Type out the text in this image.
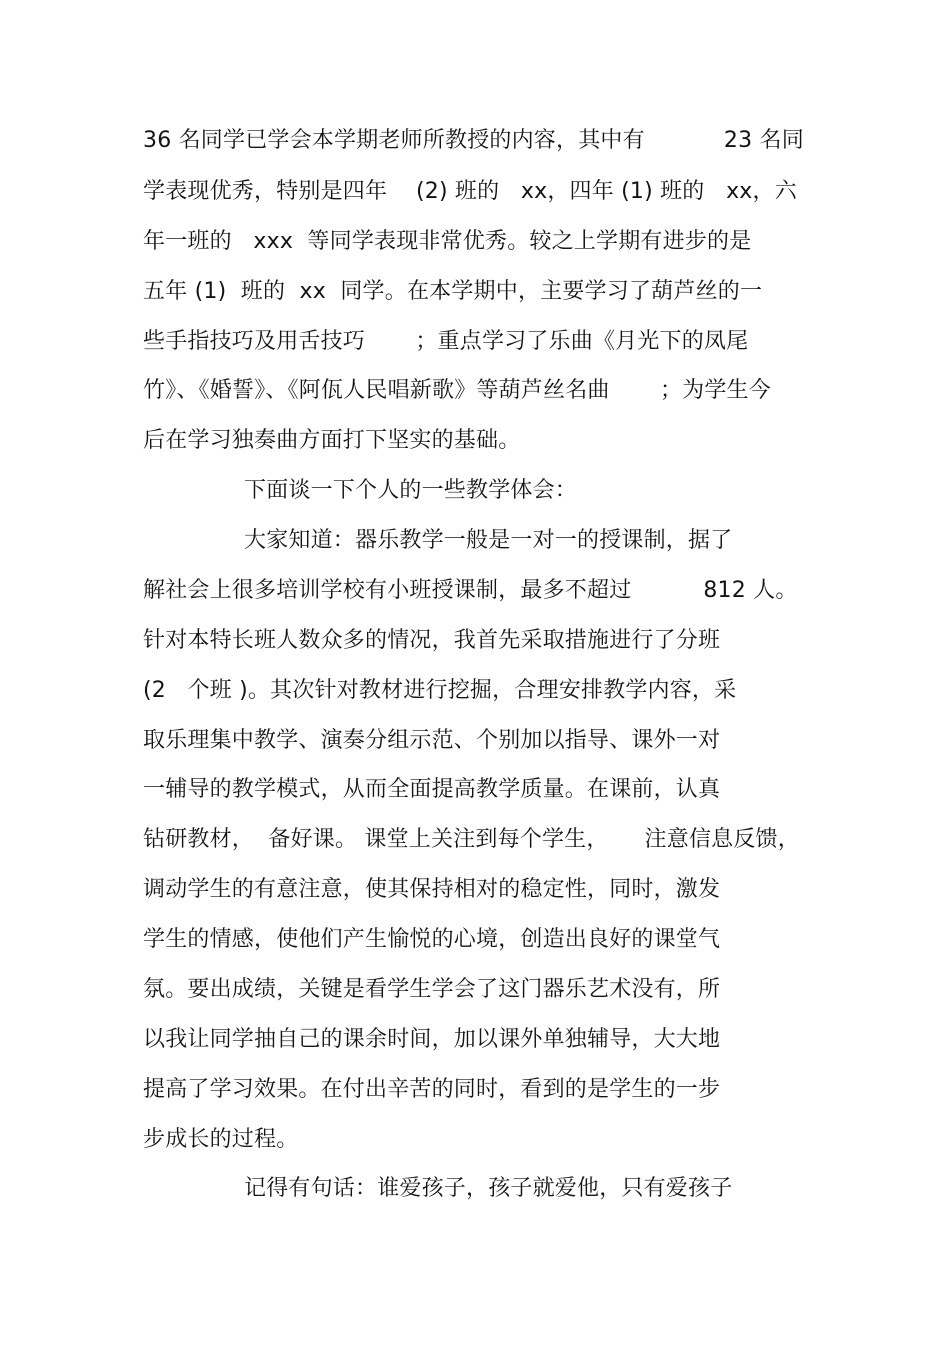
36 名同学已学会本学期老师所教授的内容，其中有           23 名同
学表现优秀，特别是四年    (2) 班的   xx，四年 (1) 班的   xx，六
年一班的   xxx  等同学表现非常优秀。较之上学期有进步的是
五年 (1)  班的  xx  同学。在本学期中，主要学习了葫芦丝的一
些手指技巧及用舌技巧       ；重点学习了乐曲《月光下的凤尾
竹》、《婚誓》、《阿佤人民唱新歌》等葫芦丝名曲       ；为学生今
后在学习独奏曲方面打下坚实的基础。
下面谈一下个人的一些教学体会：
大家知道：器乐教学一般是一对一的授课制，据了
解社会上很多培训学校有小班授课制，最多不超过          812 人。
针对本特长班人数众多的情况，我首先采取措施进行了分班
(2   个班 )。其次针对教材进行挖掘，合理安排教学内容，采
取乐理集中教学、演奏分组示范、个别加以指导、课外一对
一辅导的教学模式，从而全面提高教学质量。在课前，认真
钻研教材，  备好课。 课堂上关注到每个学生，     注意信息反馈，
调动学生的有意注意，使其保持相对的稳定性，同时，激发
学生的情感，使他们产生愉悦的心境，创造出良好的课堂气
氛。要出成绩，关键是看学生学会了这门器乐艺术没有，所
以我让同学抽自己的课余时间，加以课外单独辅导，大大地
提高了学习效果。在付出辛苦的同时，看到的是学生的一步
步成长的过程。
记得有句话：谁爱孩子，孩子就爱他，只有爱孩子
